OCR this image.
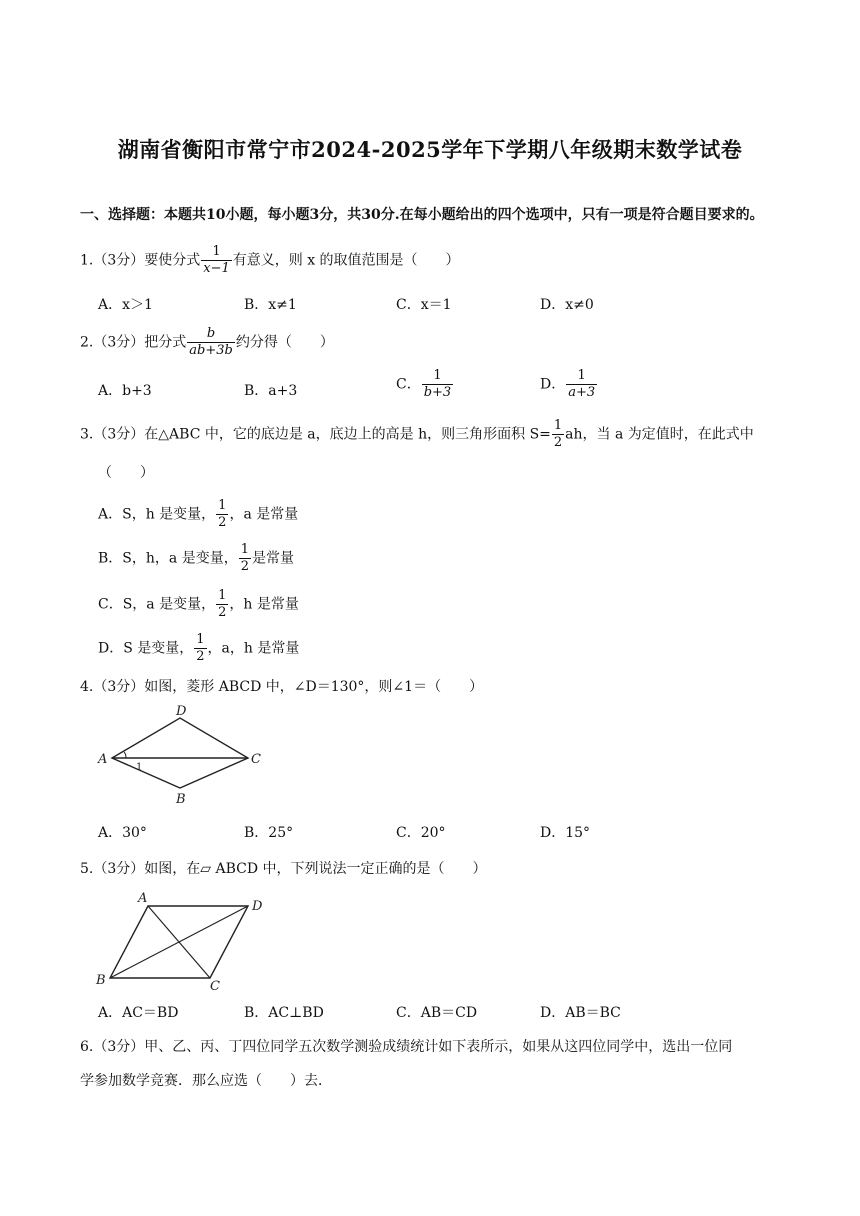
湖南省衡阳市常宁市2024-2025学年下学期八年级期末数学试卷
一、选择题：本题共10小题，每小题3分，共30分.在每小题给出的四个选项中，只有一项是符合题目要求的。
1.（3分）要使分式 $\frac{1}{x-1}$ 有意义，则 x 的取值范围是（　　）
A．x＞1	B．x≠1	C．x＝1	D．x≠0
2.（3分）把分式 $\frac{b}{ab+3b}$ 约分得（　　）
A．b+3	B．a+3	C． $\frac{1}{b+3}$	D． $\frac{1}{a+3}$
3.（3分）在△ABC 中，它的底边是 a，底边上的高是 h，则三角形面积 $S= \frac{1}{2}$ ah，当 a 为定值时，在此式中
（　　）
A．S，h 是变量， $\frac{1}{2}$ ，a 是常量
B．S，h，a 是变量， $\frac{1}{2}$ 是常量
C．S，a 是变量， $\frac{1}{2}$ ，h 是常量
D．S 是变量， $\frac{1}{2}$ ，a，h 是常量
4.（3分）如图，菱形 ABCD 中，∠D＝130°，则∠1＝（　　）
A
B
C
D
1
A．30°	B．25°	C．20°	D．15°
5.（3分）如图，在▱ ABCD 中，下列说法一定正确的是（　　）
A
B	C
D
A．AC＝BD	B．AC⊥BD	C．AB＝CD	D．AB＝BC
6.（3分）甲、乙、丙、丁四位同学五次数学测验成绩统计如下表所示，如果从这四位同学中，选出一位同
学参加数学竞赛．那么应选（　　）去．
